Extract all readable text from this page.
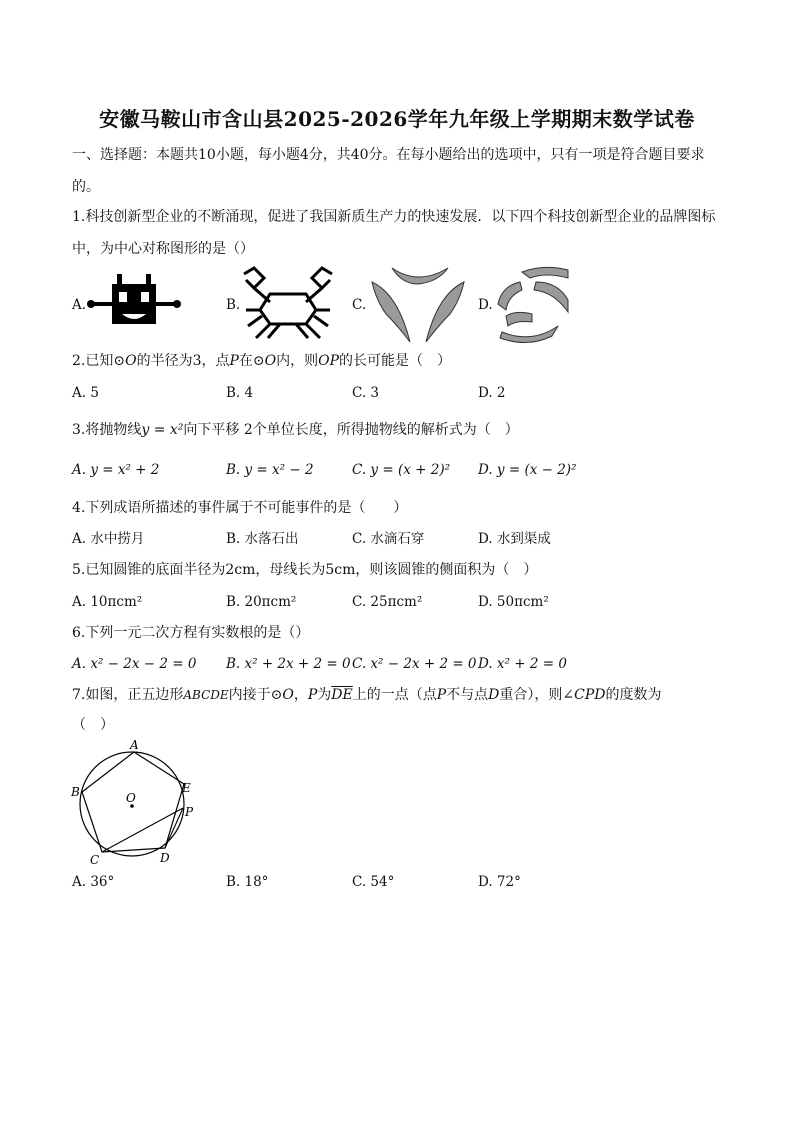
安徽马鞍山市含山县2025-2026学年九年级上学期期末数学试卷
一、选择题：本题共10小题，每小题4分，共40分。在每小题给出的选项中，只有一项是符合题目要求
的。
1.科技创新型企业的不断涌现，促进了我国新质生产力的快速发展．以下四个科技创新型企业的品牌图标
中，为中心对称图形的是（）
A.	B.	C.	D.
2.已知⊙O的半径为3，点P在⊙O内，则OP的长可能是（　）
A. 5	B. 4	C. 3	D. 2
3.将抛物线y = x²向下平移 2个单位长度，所得抛物线的解析式为（　）
A. y = x² + 2	B. y = x² − 2	C. y = (x + 2)² D. y = (x − 2)²
4.下列成语所描述的事件属于不可能事件的是（　　）
A. 水中捞月	B. 水落石出	C. 水滴石穿	D. 水到渠成
5.已知圆锥的底面半径为2cm，母线长为5cm，则该圆锥的侧面积为（　）
A. 10πcm²	B. 20πcm²	C. 25πcm²	D. 50πcm²
6.下列一元二次方程有实数根的是（）
A. x² − 2x − 2 = 0 B. x² + 2x + 2 = 0 C. x² − 2x + 2 = 0 D. x² + 2 = 0
7.如图，正五边形ABCDE内接于⊙O，P为$\overline{DE}$上的一点（点P不与点D重合），则∠CPD的度数为
（　）
A
B
C	D
E
O
P
A. 36°	B. 18°	C. 54°	D. 72°
